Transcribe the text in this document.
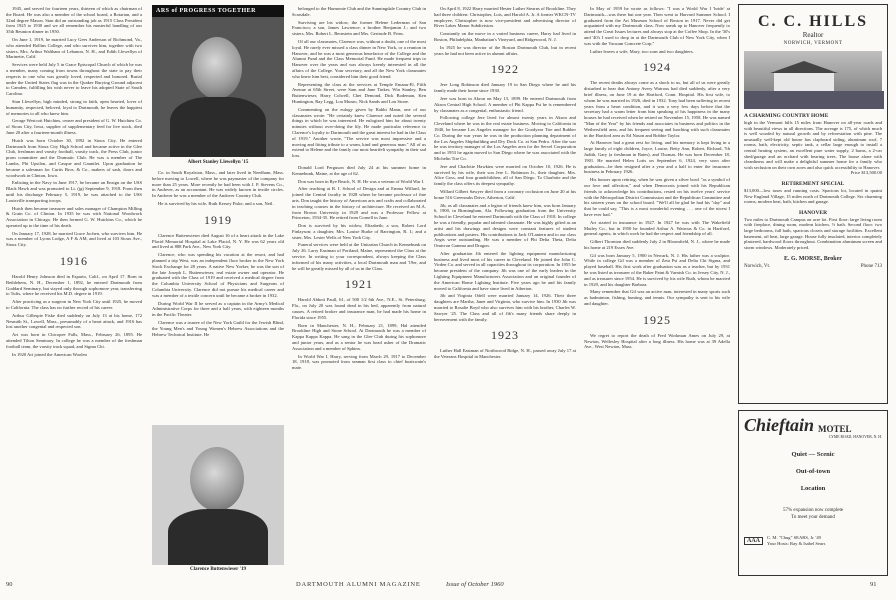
1945, and served for fourteen years, thirteen of which as chairman of the Board. He was also a member of the school board, a Rotarian, and a 32nd degree Mason. Stan did an outstanding job as 1915 Class President from 1925 to 1930 and we all remember his masterful handling of our 35th Reunion dinner in 1950.

On June 1, 1919, he married Lucy Gees Anderson of Richmond, Va., who attended Hollins College, and who survives him, together with two sisters, Mrs. Arthur Waltham of Lebanon, N. H., and Edith Llewellyn of Marinette, Calif.

Services were held July 5 in Grace Episcopal Church of which he was a member, many coming from towns throughout the state to pay their respects to one who was greatly loved, respected and honored. Burial under the United States flag was in the Quaker Burying Ground adjacent to Camden, fulfilling his wish never to leave his adopted State of South Carolina.

Stan Llewellyn, high minded, strong in faith, open hearted, lover of humanity, respected, beloved, loyal to Dartmouth, he leaves the happiest of memories to all who knew him.

George Westcott Hutchins, owner and president of G. W. Hutchins Co. of Sioux City, Iowa, supplier of supplementary feed for live stock, died June 20 after a fourteen-month illness.

Hutch was born October 30, 1892 in Sioux City. He entered Dartmouth from Sioux City High School and became active in the Glee Club, freshman and varsity football, varsity track, the Press Club, junior prom committee and the Dramatic Club. He was a member of The Lambs, Phi Upsilon, and Casque and Gauntlet. Upon graduation he became a salesman for Curtis Bros. & Co., makers of sash, doors and woodwork in Clinton, Iowa.

Enlisting in the Navy in June 1917, he became an Ensign on the USS Black Hawk and was promoted to Lt. (jg) September 9, 1918. From then until his discharge February 5, 1919, he was attached to the USS Louisville transporting troops.

Hutch then became treasurer and sales manager of Champion Milling & Grain Co. of Clinton. In 1935 he was with National Woodwork Association in Chicago. He then formed G. W. Hutchins Co., which he operated up to the time of his death.

On January 17, 1928, he married Grace Jochen, who survives him. He was a member of Lyons Lodge, A F & AM, and lived at 103 Sioux Ave., Sioux City.

1916

Harold Henry Johnson died in Esparto, Calif., on April 17. Born in Bethlehem, N. H., December 1, 1892, he entered Dartmouth from Goddard Seminary, but stayed only through sophomore year, transferring to Tufts, where he received his M.D. degree in 1919.

After practicing as a surgeon in New York City until 1925, he moved to California. The class has no further record of his career.

Arthur Gillespie Fiske died suddenly on July 13 at his home, 172 Nesmith St., Lowell, Mass., presumably of a heart attack, and 1916 has lost another congenial and respected son.

Art was born in Chicopee Falls, Mass., February 26, 1895. He attended Tilton Seminary. In college he was a member of the freshman football team, the varsity track squad, and Sigma Chi.

In 1920 Art joined the American Woolen

ARS of PROGRESS TOGETHER
Albert Stanley Llewellyn '15

Co. in South Royalston, Mass., and later lived in Needham, Mass. before moving to Lowell, where he was paymaster of the company for more than 25 years. More recently he had been with J. P. Stevens Co., in Andover, as an accountant. He was widely known in textile circles. In Andover he was a member of the Andover Country Club.

He is survived by his wife, Ruth Kersey Fiske, and a son, Neil.

1919

Clarence Buttenwieser died August 16 of a heart attack in the Lake Placid Memorial Hospital at Lake Placid, N. Y. He was 62 years old and lived at 888 Park Ave., New York City.

Clarence, who was spending his vacation at the resort, and had planned a trip West, was an independent floor broker in the New York Stock Exchange for 28 years. A native New Yorker, he was the son of the late Joseph L. Buttenwieser, real estate owner and operator. He graduated with the Class of 1919 and received a medical degree from the Columbia University School of Physicians and Surgeons of Columbia University. Clarence did not pursue his medical career and was a member of a textile concern until he became a broker in 1932.

During World War II he served as a captain in the Army's Medical Administrative Corps for three and a half years, with eighteen months in the Pacific Theater.

Clarence was a trustee of the New York Guild for the Jewish Blind, the Young Men's and Young Women's Hebrew Associations and the Hebrew Technical Institute. He

Clarence Buttenwieser '19

belonged to the Harmonie Club and the Sunningdale Country Club in Scarsdale.

Surviving are his widow, the former Helene Lederman of San Francisco; a son, James Lawrence; a brother Benjamin J.; and two sisters, Mrs. Robert L. Bernstein and Mrs. Gertrude B. Prins.

Of all our classmates, Clarence was, without a doubt, one of the most loyal. He rarely ever missed a class dinner in New York, or a reunion in Hanover, and he was a most generous benefactor of the College and the Alumni Fund and the Class Memorial Fund. He made frequent trips to Hanover over the years and was always keenly interested in all the affairs of the College. Your secretary, and all the New York classmates who knew him best, considered him their good friend.

Representing the class at the services at Temple Emanu-El, Fifth Avenue at 65th Street, were Sam and Jane Tinker, Win Stanley, Ben Buttenwieser, Harry Colwell, Chet Demond, Dick Bodeman, Ken Huntington, Ray Legg, Lou Munro, Nick Sands and Lou Stone.

Commenting on the eulogy given by Rabbi Mann, one of our classmates wrote: "He certainly knew Clarence and noted the several things in which he was interested. He eulogized him for about twenty minutes without over-doing the lily. He made particular reference to Clarence's loyalty to Dartmouth and the great interest he had in the Class of 1919." Another wrote, "The service was most impressive and a moving and fitting tribute to a warm, kind and generous man." All of us extend to Helene and the family our most heartfelt sympathy in their sad loss.

Donald Lord Ferguson died July 24 at his summer home in Kennebunk, Maine, at the age of 62.

Don was born in Rye Beach, N. H. He was a veteran of World War I.

After teaching at R. I. School of Design and at Emma Willard, he joined the Central faculty in 1928 where he became professor of fine arts. Don taught the history of American arts and crafts and collaborated in teaching courses in the history of architecture. He received an M.A. from Brown University in 1929 and was a Professor Fellow at Princeton, 1934-35. He retired from Cornell in June.

Don is survived by his widow, Elizabeth; a son, Robert Lord Finlayson; a daughter, Mrs. Louise Burke of Barrington, R. I.; and a sister, Mrs. Lester Wells of New York City.

Funeral services were held at the Unitarian Church in Kennebunk on July 26. Larry Eastman of Portland, Maine, represented the Class at the service. In writing to your correspondent, always keeping the Class informed of his many activities, a local Dartmouth man and '19er, and he will be greatly missed by all of us in the Class.

1921

Harold Abbott Paull, 61, of 500 1/2 6th Ave., N.E., St. Petersburg, Fla., on July 20 was found dead in his bed, apparently from natural causes. A retired broker and insurance man, he had made his home in Florida since 1955.

Born in Manchester, N. H., February 21, 1899, Hal attended Brookline High and Stone School. At Dartmouth he was a member of Kappa Kappa Kappa. He sang in the Glee Club during his sophomore and junior years, and as a senior he was head usher of the Dramatic Association and a member of Sphinx.

In World War I, Harry, serving from March 29, 1917 to December 18, 1918, was promoted from seaman first class to chief boatswain's mate.

On April 8, 1922 Harry married Hester Luther Stearns of Brookline. They had three children: Christopher, Lois, and Harold A. Jr. A former WKCN-TV employee, Christopher is now vice-president and advertising director of River Lakes Manor Subdivision.

Constantly on the move in a varied business career, Harry had lived in Boston, Philadelphia, Manhattan's Vineyard, and Ridgewood, N. J.

In 1925 he was director of the Boston Dartmouth Club, but in recent years he had not been active in alumni affairs.

1922

Jere Long Robinson died January 19 in San Diego where he and his family made their home since 1930.

Jere was born in Akron on May 13, 1899. He entered Dartmouth from Akron Central High School. A member of Phi Kappa Psi he is remembered by classmates as a congenial, enthusiastic friend.

Following college Jere lived for almost twenty years in Akron and Cleveland where he was in the real estate business. Moving to California in 1940, he became Los Angeles manager for the Goodyear Tire and Rubber Co. During the war years he was in the production planning department of the Los Angeles Shipbuilding and Dry Dock Co. at San Pedro. After the war he was territory manager of the Los Angeles area for the Servel Corporation and in 1953 he again moved to San Diego where he was associated with the Michelin Tire Co.

Jere and Charlotte Hawkins were married on October 10, 1926. He is survived by his wife, their son Jere L. Robinson Jr., their daughter, Mrs. Alice Goss, and four grandchildren, all of San Diego. To Charlotte and the family the class offers its deepest sympathy.

Willard Gilbert Sawyer died from a coronary occlusion on June 20 at his home 516 Greenoaks Drive, Atherton, Calif.

Jib, as all classmates and a legion of friends knew him, was born January 6, 1900, in Birmingham, Ala. Following graduation from the University School in Cleveland he entered Dartmouth with the Class of 1918. In college he was a friendly, popular and talented classmate. He was highly gifted as an artist and his drawings and designs were constant features of student publications and posters. His contributions to Jack O'Lantern and to our class Aegis were outstanding. He was a member of Phi Delta Theta, Delta Omicron Gamma and Dragon.

After graduation Jib entered the lighting equipment manufacturing business and lived most of his career in Cleveland. He joined the John C. Virden Co. and served in all capacities throughout its corporation. In 1955 he became president of the company. Jib was one of the early leaders in the Lighting Equipment Manufacturers Association and an original founder of the American Home Lighting Institute. Five years ago he and his family moved to California and have since lived in Atherton.

Jib and Virginia Odell were married January 14, 1926. Their three daughters are Martha, Janet and Virginia, who survive him. In 1930 Jib was married to Rosalie Boyd who also survives him with his brother, Charles W. Sawyer '25. The Class and all of Jib's many friends share deeply in bereavement with the family.

1923

Luther Hall Eastman of Northwood Ridge, N. H., passed away July 17 at the Veterans Hospital in Manchester.

In May of 1959 he wrote as follows: "I was a World War I 'bride' at Dartmouth—was there but one year. Then went to Harvard Summer School. I graduated from the Art Museum School of Boston in 1917. Never did get acquainted with my Dartmouth class. Now sneak up to Hanover frequently to attend the Great Issues lectures and always stop at the Coffee Shop. In the '30's and '40's I used to drop in at the Dartmouth Club of New York City, when I was with the Vacuum Concrete Corp."

Luther leaves a wife, Mary, two sons and two daughters.

1924

The recent deaths always come as a shock to us, but all of us were greatly disturbed to hear that Antony Avery Watrous had died suddenly, after a very brief illness, on June 19 at the Hartford, Conn. Hospital. His first wife, to whom he was married in 1926, died in 1932. Tony had been suffering in recent years from a heart condition, and it was a very few days before that the secretary had a warm letter from him speaking of his happiness in the many houses he had received when he retired on November 15, 1958. He was named "Man of the Year" by his friends and associates in business and politics in the Wethersfield area, and his frequent seeing and lunching with such classmates in the Hartford area as Ed Nason and Bobbie Taylor.

At Hanover had a great zest for living, and his memory is kept living in a large family of eight children, Joyce, Louise, Betty Ann, Robert, Richard, 7th Judith, Gary (a freshman in Bates), and Thomas. He was born December 18, 1901. He married Helen Lotts on September 6, 1924, very soon after graduation—he then resigned after a year and a half to enter the insurance business in February 1926.

His honors upon retiring, when he was given a silver bowl "as a symbol of our love and affection," and when Democrats joined with his Republican friends to acknowledge his contributions, rested on his twelve years' service with the Metropolitan District Commission and the Republican Committee and his sixteen years on the school board. "We'll all be glad he had his "day" and that he could say, "This is a most wonderful evening . . . one of the nicest I have ever had."

Art started in insurance in 1927. In 1927 he was with The Wakefield Mutley Co., but in 1950 he founded Arthur A. Watrous & Co. in Hartford, general agents, in which work he had the respect and friendship of all.

Gilbert Thornton died suddenly July 2 in Bloomfield, N. J., where he made his home at 219 Essex Ave.

Gil was born January 5, 1900 in Newark, N. J. His father was a sculptor. While in college Gil was a member of Zeta Psi and Delta Chi Sigma, and played baseball. His first work after graduation was as a teacher, but by 1931 he was listed as treasurer of the Baker Paint & Varnish Co. in Jersey City, N. J., and as treasurer since 1954. He is survived by his wife Ruth, whom he married in 1929, and his daughter Barbara.

Many remember that Gil was an active man, interested in many sports such as badminton, fishing, hunting, and tennis. Our sympathy is sent to his wife and daughter.

1925

We regret to report the death of Fred Workman Ames on July 29, at Newton, Wellesley Hospital after a long illness. His home was at 39 Adella Ave., West Newton, Mass.

C. C. HILLS
Realtor
NORWICH, VERMONT
A CHARMING COUNTRY HOME
high in the Vermont hills 15 miles from Hanover on all-year roads and with beautiful views in all directions. The acreage is 175, of which much is well wooded by natural growth and by reforestation with pine. The unusually well-kept old house has clapboard siding, aluminum roof, 7 rooms, bath, electricity, septic tank, a cellar large enough to install a central heating system, an excellent pure water supply, 2 barns, a 2-car shed/garage and an orchard with bearing trees. The house alone with cleanliness and will make a delightful summer home for a family who wish seclusion on their own acres and also quick accessibility to Hanover.
Price $13,500.00
RETIREMENT SPECIAL
$13,000—low taxes and running costs. Spacious lot, located in quaint New England Village, 15 miles north of Dartmouth College. Six charming rooms, modern heat, bath, kitchen and garage.
HANOVER
Two miles to Dartmouth Campus on acre lot. First floor: large living room with fireplace, dining room, modern kitchen, ½ bath. Second floor: two large bedrooms, full bath, spacious closets and storage facilities. Excellent basement, oil heat, large garage. House fully insulated, interior completely plastered, hardwood floors throughout. Combination aluminum screen and storm windows. Moderately priced.
E. G. MORSE, Broker
Norwich, Vt.	Phone 713
Chieftain MOTEL
LYME ROAD, HANOVER, N. H.
Quiet — Scenic
Out-of-town
Location
57% expansion now complete
To meet your demand
AAA
C. M. "Chug" SEARS, Jr. '49
Your Hosts: Ray & Isabel Sears
90	DARTMOUTH ALUMNI MAGAZINE	Issue of October 1960	91
